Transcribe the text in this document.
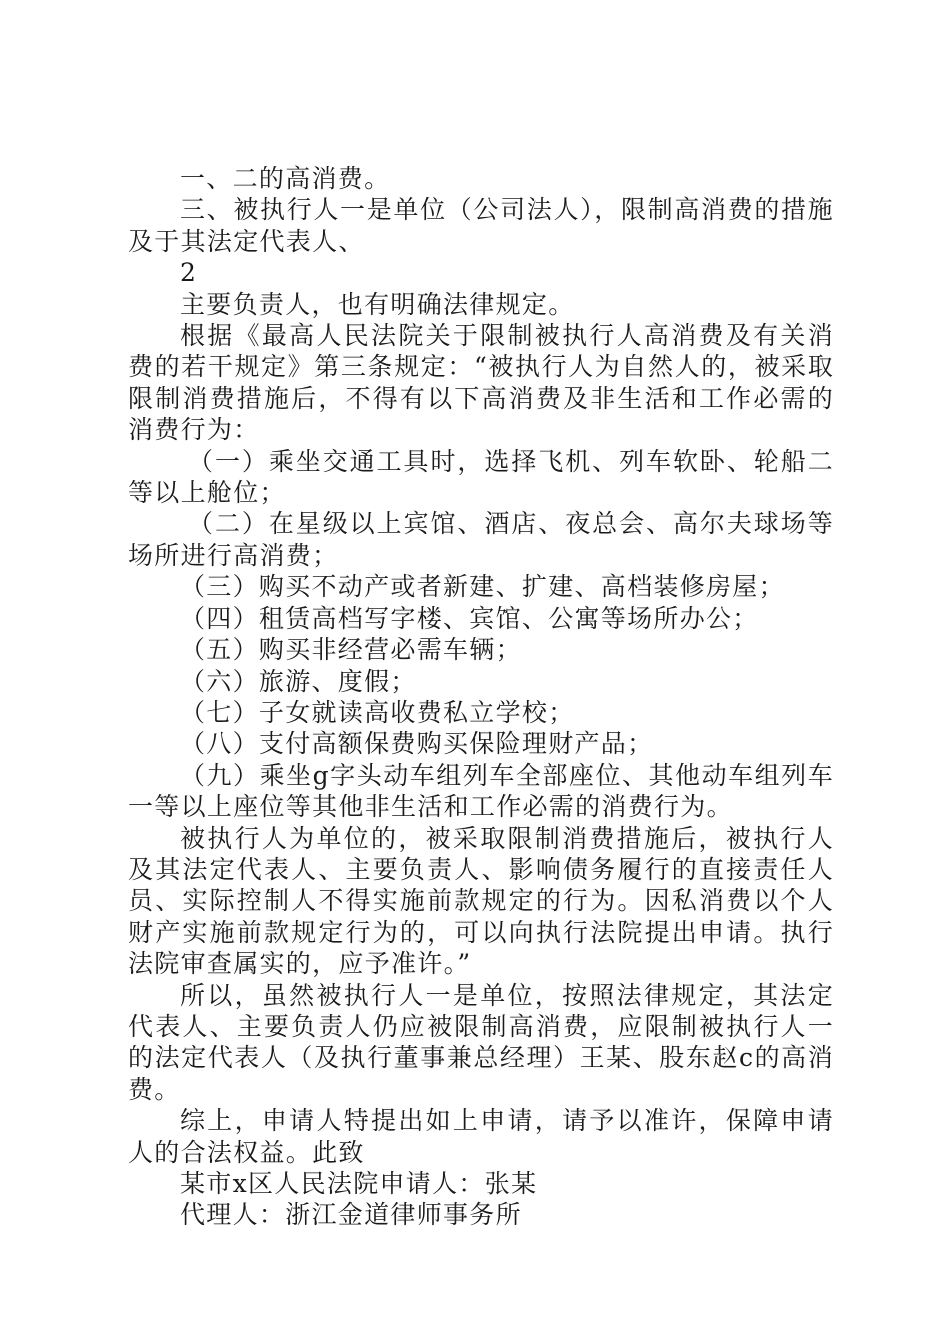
一、二的高消费。

三、被执行人一是单位（公司法人），限制高消费的措施及于其法定代表人、

2

主要负责人，也有明确法律规定。

根据《最高人民法院关于限制被执行人高消费及有关消费的若干规定》第三条规定：“被执行人为自然人的，被采取限制消费措施后，不得有以下高消费及非生活和工作必需的消费行为：

（一）乘坐交通工具时，选择飞机、列车软卧、轮船二等以上舱位；

（二）在星级以上宾馆、酒店、夜总会、高尔夫球场等场所进行高消费；

（三）购买不动产或者新建、扩建、高档装修房屋；

（四）租赁高档写字楼、宾馆、公寓等场所办公；

（五）购买非经营必需车辆；

（六）旅游、度假；

（七）子女就读高收费私立学校；

（八）支付高额保费购买保险理财产品；

（九）乘坐g字头动车组列车全部座位、其他动车组列车一等以上座位等其他非生活和工作必需的消费行为。

被执行人为单位的，被采取限制消费措施后，被执行人及其法定代表人、主要负责人、影响债务履行的直接责任人员、实际控制人不得实施前款规定的行为。因私消费以个人财产实施前款规定行为的，可以向执行法院提出申请。执行法院审查属实的，应予准许。”

所以，虽然被执行人一是单位，按照法律规定，其法定代表人、主要负责人仍应被限制高消费，应限制被执行人一的法定代表人（及执行董事兼总经理）王某、股东赵c的高消费。

综上，申请人特提出如上申请，请予以准许，保障申请人的合法权益。此致

某市x区人民法院申请人：张某

代理人：浙江金道律师事务所
